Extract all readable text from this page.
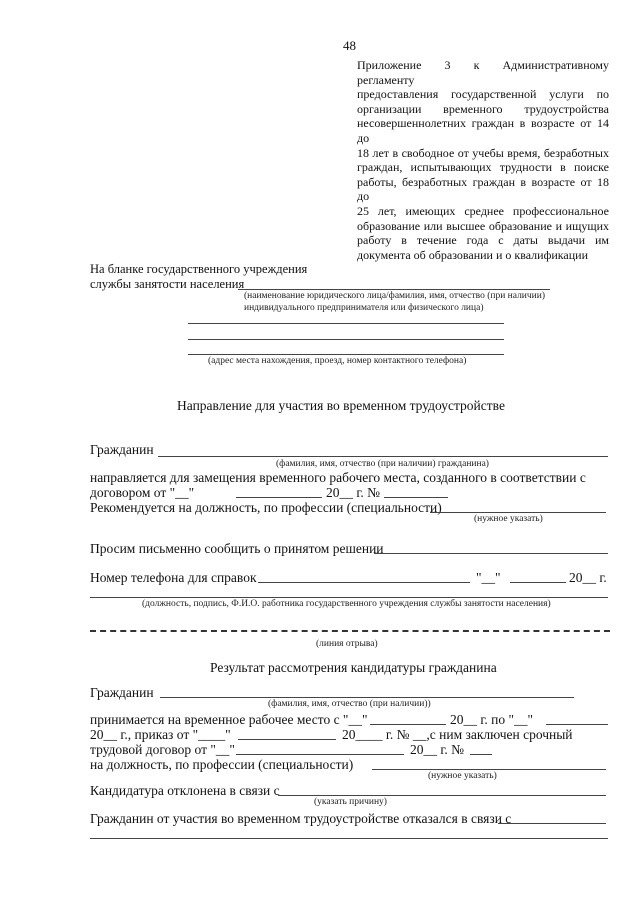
48
Приложение 3 к Административному регламенту
предоставления государственной услуги по
организации временного трудоустройства
несовершеннолетних граждан в возрасте от 14 до
18 лет в свободное от учебы время, безработных
граждан, испытывающих трудности в поиске
работы, безработных граждан в возрасте от 18 до
25 лет, имеющих среднее профессиональное
образование или высшее образование и ищущих
работу в течение года с даты выдачи им
документа об образовании и о квалификации
На бланке государственного учреждения
службы занятости населения
(наименование юридического лица/фамилия, имя, отчество (при наличии)
индивидуального предпринимателя или физического лица)
(адрес места нахождения, проезд, номер контактного телефона)
Направление для участия во временном трудоустройстве
Гражданин
(фамилия, имя, отчество (при наличии) гражданина)
направляется для замещения временного рабочего места, созданного в соответствии с
договором от "__"	20__ г. №
Рекомендуется на должность, по профессии (специальности)
(нужное указать)
Просим письменно сообщить о принятом решении
Номер телефона для справок	"__"	20__ г.
(должность, подпись, Ф.И.О. работника государственного учреждения службы занятости населения)
(линия отрыва)
Результат рассмотрения кандидатуры гражданина
Гражданин
(фамилия, имя, отчество (при наличии))
принимается на временное рабочее место с "__"	20__ г. по "__"
20__ г., приказ от "____"	20____ г. № __,с ним заключен срочный
трудовой договор от "__"	20__ г. №
на должность, по профессии (специальности)
(нужное указать)
Кандидатура отклонена в связи с
(указать причину)
Гражданин от участия во временном трудоустройстве отказался в связи с
